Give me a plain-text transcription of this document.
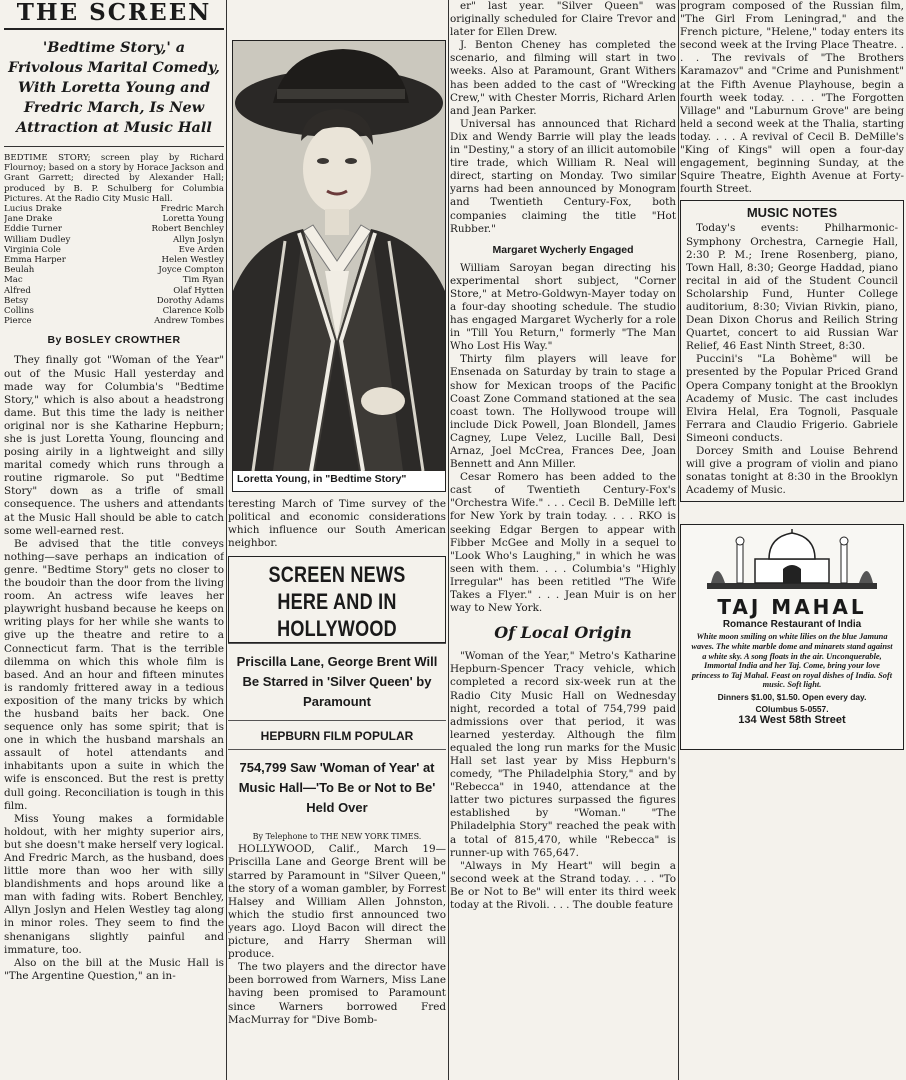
THE SCREEN
'Bedtime Story,' a Frivolous Marital Comedy, With Loretta Young and Fredric March, Is New Attraction at Music Hall

BEDTIME STORY; screen play by Richard Flournoy; based on a story by Horace Jackson and Grant Garrett; directed by Alexander Hall; produced by B. P. Schulberg for Columbia Pictures. At the Radio City Music Hall.

Lucius Drake	Fredric March
Jane Drake	Loretta Young
Eddie Turner	Robert Benchley
William Dudley	Allyn Joslyn
Virginia Cole	Eve Arden
Emma Harper	Helen Westley
Beulah	Joyce Compton
Mac	Tim Ryan
Alfred	Olaf Hytten
Betsy	Dorothy Adams
Collins	Clarence Kolb
Pierce	Andrew Tombes
By BOSLEY CROWTHER

They finally got "Woman of the Year" out of the Music Hall yesterday and made way for Columbia's "Bedtime Story," which is also about a headstrong dame. But this time the lady is neither original nor is she Katharine Hepburn; she is just Loretta Young, flouncing and posing airily in a lightweight and silly marital comedy which runs through a routine rigmarole. So put "Bedtime Story" down as a trifle of small consequence. The ushers and attendants at the Music Hall should be able to catch some well-earned rest.

Be advised that the title conveys nothing—save perhaps an indication of genre. "Bedtime Story" gets no closer to the boudoir than the door from the living room. An actress wife leaves her playwright husband because he keeps on writing plays for her while she wants to give up the theatre and retire to a Connecticut farm. That is the terrible dilemma on which this whole film is based. And an hour and fifteen minutes is randomly frittered away in a tedious exposition of the many tricks by which the husband baits her back. One sequence only has some spirit; that is one in which the husband marshals an assault of hotel attendants and inhabitants upon a suite in which the wife is ensconced. But the rest is pretty dull going. Reconciliation is tough in this film.

Miss Young makes a formidable holdout, with her mighty superior airs, but she doesn't make herself very logical. And Fredric March, as the husband, does little more than woo her with silly blandishments and hops around like a man with fading wits. Robert Benchley, Allyn Joslyn and Helen Westley tag along in minor roles. They seem to find the shenanigans slightly painful and immature, too.

Also on the bill at the Music Hall is "The Argentine Question," an in-

Loretta Young, in "Bedtime Story"

teresting March of Time survey of the political and economic considerations which influence our South American neighbor.

SCREEN NEWS HERE AND IN HOLLYWOOD
Priscilla Lane, George Brent Will Be Starred in 'Silver Queen' by Paramount
HEPBURN FILM POPULAR
754,799 Saw 'Woman of Year' at Music Hall—'To Be or Not to Be' Held Over
By Telephone to THE NEW YORK TIMES.

HOLLYWOOD, Calif., March 19—Priscilla Lane and George Brent will be starred by Paramount in "Silver Queen," the story of a woman gambler, by Forrest Halsey and William Allen Johnston, which the studio first announced two years ago. Lloyd Bacon will direct the picture, and Harry Sherman will produce.

The two players and the director have been borrowed from Warners, Miss Lane having been promised to Paramount since Warners borrowed Fred MacMurray for "Dive Bomb-

er" last year. "Silver Queen" was originally scheduled for Claire Trevor and later for Ellen Drew.

J. Benton Cheney has completed the scenario, and filming will start in two weeks. Also at Paramount, Grant Withers has been added to the cast of "Wrecking Crew," with Chester Morris, Richard Arlen and Jean Parker.

Universal has announced that Richard Dix and Wendy Barrie will play the leads in "Destiny," a story of an illicit automobile tire trade, which William R. Neal will direct, starting on Monday. Two similar yarns had been announced by Monogram and Twentieth Century-Fox, both companies claiming the title "Hot Rubber."

Margaret Wycherly Engaged

William Saroyan began directing his experimental short subject, "Corner Store," at Metro-Goldwyn-Mayer today on a four-day shooting schedule. The studio has engaged Margaret Wycherly for a role in "Till You Return," formerly "The Man Who Lost His Way."

Thirty film players will leave for Ensenada on Saturday by train to stage a show for Mexican troops of the Pacific Coast Zone Command stationed at the sea coast town. The Hollywood troupe will include Dick Powell, Joan Blondell, James Cagney, Lupe Velez, Lucille Ball, Desi Arnaz, Joel McCrea, Frances Dee, Joan Bennett and Ann Miller.

Cesar Romero has been added to the cast of Twentieth Century-Fox's "Orchestra Wife." . . . Cecil B. DeMille left for New York by train today. . . . RKO is seeking Edgar Bergen to appear with Fibber McGee and Molly in a sequel to "Look Who's Laughing," in which he was seen with them. . . . Columbia's "Highly Irregular" has been retitled "The Wife Takes a Flyer." . . . Jean Muir is on her way to New York.

Of Local Origin

"Woman of the Year," Metro's Katharine Hepburn-Spencer Tracy vehicle, which completed a record six-week run at the Radio City Music Hall on Wednesday night, recorded a total of 754,799 paid admissions over that period, it was learned yesterday. Although the film equaled the long run marks for the Music Hall set last year by Miss Hepburn's comedy, "The Philadelphia Story," and by "Rebecca" in 1940, attendance at the latter two pictures surpassed the figures established by "Woman." "The Philadelphia Story" reached the peak with a total of 815,470, while "Rebecca" is runner-up with 765,647.

"Always in My Heart" will begin a second week at the Strand today. . . . "To Be or Not to Be" will enter its third week today at the Rivoli. . . . The double feature

program composed of the Russian film, "The Girl From Leningrad," and the French picture, "Helene," today enters its second week at the Irving Place Theatre. . . . The revivals of "The Brothers Karamazov" and "Crime and Punishment" at the Fifth Avenue Playhouse, begin a fourth week today. . . . "The Forgotten Village" and "Laburnum Grove" are being held a second week at the Thalia, starting today. . . . A revival of Cecil B. DeMille's "King of Kings" will open a four-day engagement, beginning Sunday, at the Squire Theatre, Eighth Avenue at Forty-fourth Street.

MUSIC NOTES

Today's events: Philharmonic-Symphony Orchestra, Carnegie Hall, 2:30 P. M.; Irene Rosenberg, piano, Town Hall, 8:30; George Haddad, piano recital in aid of the Student Council Scholarship Fund, Hunter College auditorium, 8:30; Vivian Rivkin, piano, Dean Dixon Chorus and Reilich String Quartet, concert to aid Russian War Relief, 46 East Ninth Street, 8:30.

Puccini's "La Bohème" will be presented by the Popular Priced Grand Opera Company tonight at the Brooklyn Academy of Music. The cast includes Elvira Helal, Era Tognoli, Pasquale Ferrara and Claudio Frigerio. Gabriele Simeoni conducts.

Dorcey Smith and Louise Behrend will give a program of violin and piano sonatas tonight at 8:30 in the Brooklyn Academy of Music.

TAJ MAHAL
Romance Restaurant of India
White moon smiling on white lilies on the blue Jamuna waves. The white marble dome and minarets stand against a white sky. A song floats in the air. Unconquerable, Immortal India and her Taj. Come, bring your love princess to Taj Mahal. Feast on royal dishes of India. Soft music. Soft light.
Dinners $1.00, $1.50. Open every day.
COlumbus 5-0557.
134 West 58th Street
